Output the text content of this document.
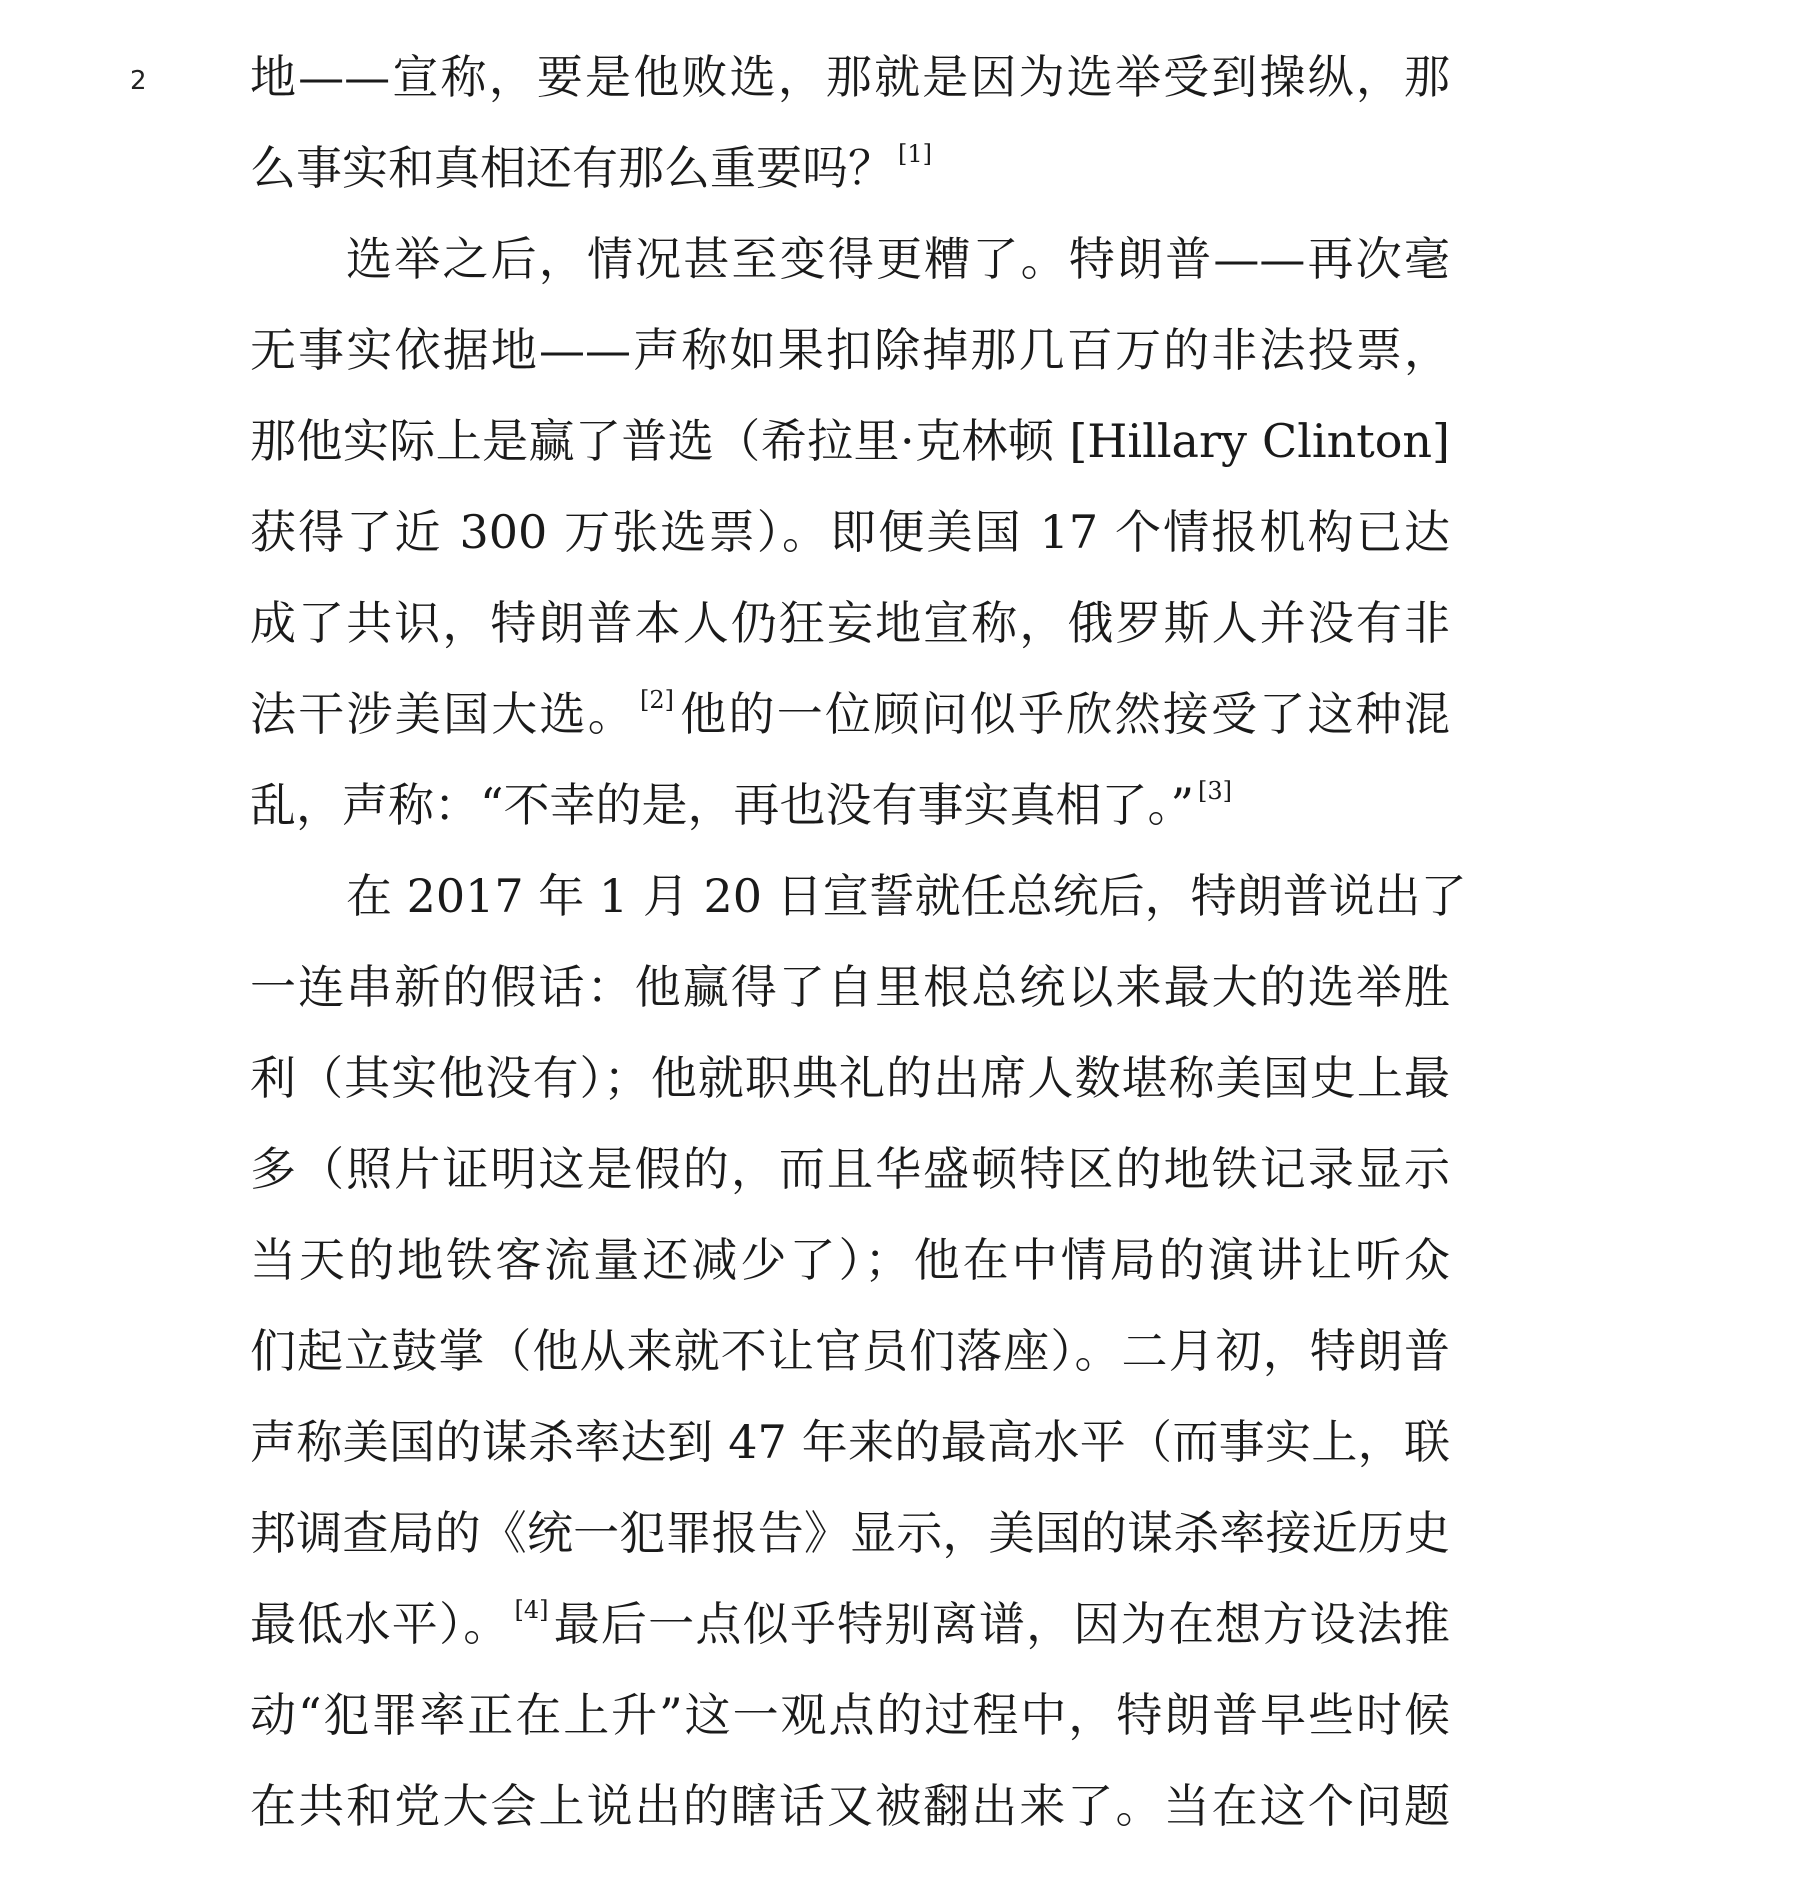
2 地——宣称，要是他败选，那就是因为选举受到操纵，那
么事实和真相还有那么重要吗？ [1]
选举之后，情况甚至变得更糟了。特朗普——再次毫
无事实依据地——声称如果扣除掉那几百万的非法投票，
那他实际上是赢了普选（希拉里·克林顿 [Hillary Clinton]
获得了近 300 万张选票）。即便美国 17 个情报机构已达
成了共识，特朗普本人仍狂妄地宣称，俄罗斯人并没有非
法干涉美国大选。 [2]他的一位顾问似乎欣然接受了这种混
乱，声称：“不幸的是，再也没有事实真相了。” [3]
在 2017 年 1 月 20 日宣誓就任总统后，特朗普说出了
一连串新的假话：他赢得了自里根总统以来最大的选举胜
利（其实他没有）；他就职典礼的出席人数堪称美国史上最
多（照片证明这是假的，而且华盛顿特区的地铁记录显示
当天的地铁客流量还减少了）；他在中情局的演讲让听众
们起立鼓掌（他从来就不让官员们落座）。二月初，特朗普
声称美国的谋杀率达到 47 年来的最高水平（而事实上，联
邦调查局的《统一犯罪报告》显示，美国的谋杀率接近历史
最低水平）。 [4]最后一点似乎特别离谱，因为在想方设法推
动“犯罪率正在上升”这一观点的过程中，特朗普早些时候
在共和党大会上说出的瞎话又被翻出来了。当在这个问题
